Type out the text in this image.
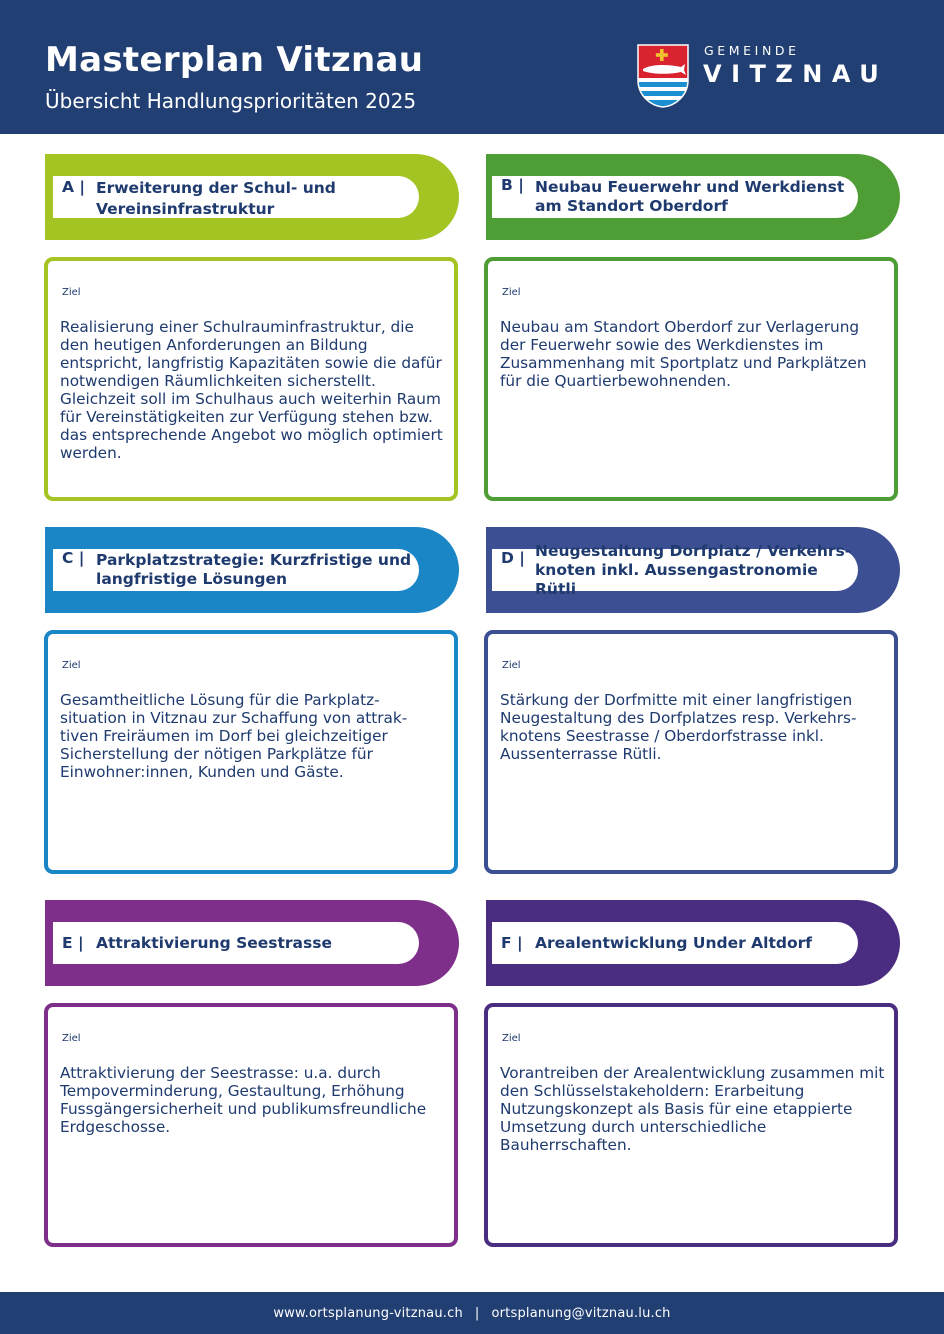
Masterplan Vitznau
Übersicht Handlungsprioritäten 2025
GEMEINDE
VITZNAU
A | Erweiterung der Schul- und Vereinsinfrastruktur
Ziel
Realisierung einer Schulrauminfrastruktur, die den heutigen Anforderungen an Bildung entspricht, langfristig Kapazitäten sowie die dafür notwendigen Räumlichkeiten sicherstellt. Gleichzeit soll im Schulhaus auch weiterhin Raum für Vereinstätigkeiten zur Verfügung stehen bzw. das entsprechende Angebot wo möglich optimiert werden.
B | Neubau Feuerwehr und Werkdienst am Standort Oberdorf
Ziel
Neubau am Standort Oberdorf zur Verlagerung der Feuerwehr sowie des Werkdienstes im Zusammenhang mit Sportplatz und Parkplätzen für die Quartierbewohnenden.
C | Parkplatzstrategie: Kurzfristige und langfristige Lösungen
Ziel
Gesamtheitliche Lösung für die Parkplatz- situation in Vitznau zur Schaffung von attrak- tiven Freiräumen im Dorf bei gleichzeitiger Sicherstellung der nötigen Parkplätze für Einwohner:innen, Kunden und Gäste.
D | Neugestaltung Dorfplatz / Verkehrs- knoten inkl. Aussengastronomie Rütli
Ziel
Stärkung der Dorfmitte mit einer langfristigen Neugestaltung des Dorfplatzes resp. Verkehrs- knotens Seestrasse / Oberdorfstrasse inkl. Aussenterrasse Rütli.
E | Attraktivierung Seestrasse
Ziel
Attraktivierung der Seestrasse: u.a. durch Tempoverminderung, Gestaultung, Erhöhung Fussgängersicherheit und publikumsfreundliche Erdgeschosse.
F | Arealentwicklung Under Altdorf
Ziel
Vorantreiben der Arealentwicklung zusammen mit den Schlüsselstakeholdern: Erarbeitung Nutzungskonzept als Basis für eine etappierte Umsetzung durch unterschiedliche Bauherrschaften.
www.ortsplanung-vitznau.ch | ortsplanung@vitznau.lu.ch
